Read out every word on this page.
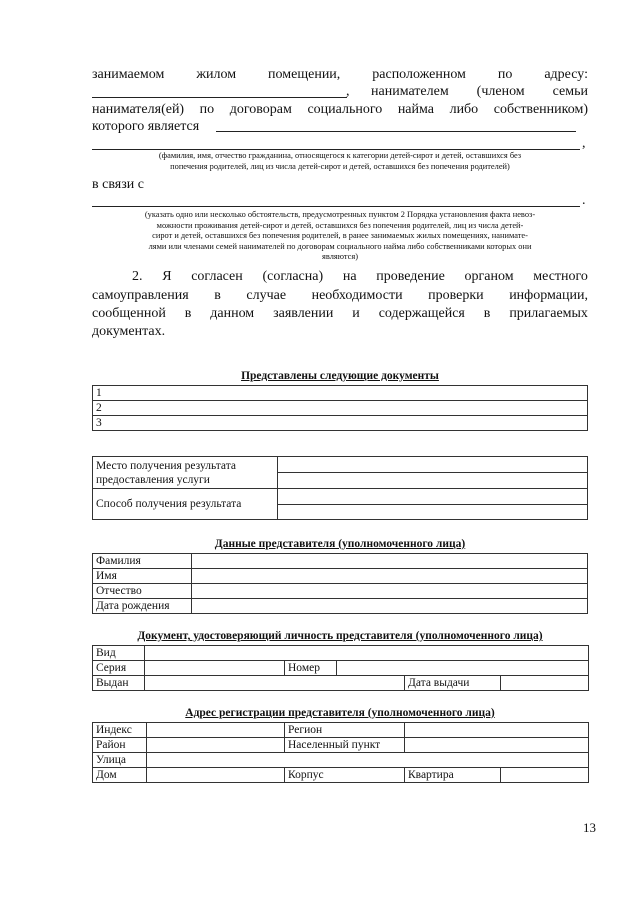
занимаемом жилом помещении, расположенном по адресу:
, нанимателем (членом семьи
нанимателя(ей) по договорам социального найма либо собственником)
которого является
,
(фамилия, имя, отчество гражданина, относящегося к категории детей-сирот и детей, оставшихся без
попечения родителей, лиц из числа детей-сирот и детей, оставшихся без попечения родителей)
в связи с
.
(указать одно или несколько обстоятельств, предусмотренных пунктом 2 Порядка установления факта невоз-
можности проживания детей-сирот и детей, оставшихся без попечения родителей, лиц из числа детей-
сирот и детей, оставшихся без попечения родителей, в ранее занимаемых жилых помещениях, нанимате-
лями или членами семей нанимателей по договорам социального найма либо собственниками которых они
являются)
2. Я согласен (согласна) на проведение органом местного
самоуправления в случае необходимости проверки информации,
сообщенной в данном заявлении и содержащейся в прилагаемых
документах.
Представлены следующие документы
1
2
3
Место получения результата
предоставления услуги	

Способ получения результата	

Данные представителя (уполномоченного лица)
Фамилия	
Имя	
Отчество	
Дата рождения	
Документ, удостоверяющий личность представителя (уполномоченного лица)
Вид					
Серия		Номер			
Выдан				Дата выдачи	
Адрес регистрации представителя (уполномоченного лица)
Индекс		Регион		
Район		Населенный пункт		
Улица				
Дом		Корпус	Квартира	
13
